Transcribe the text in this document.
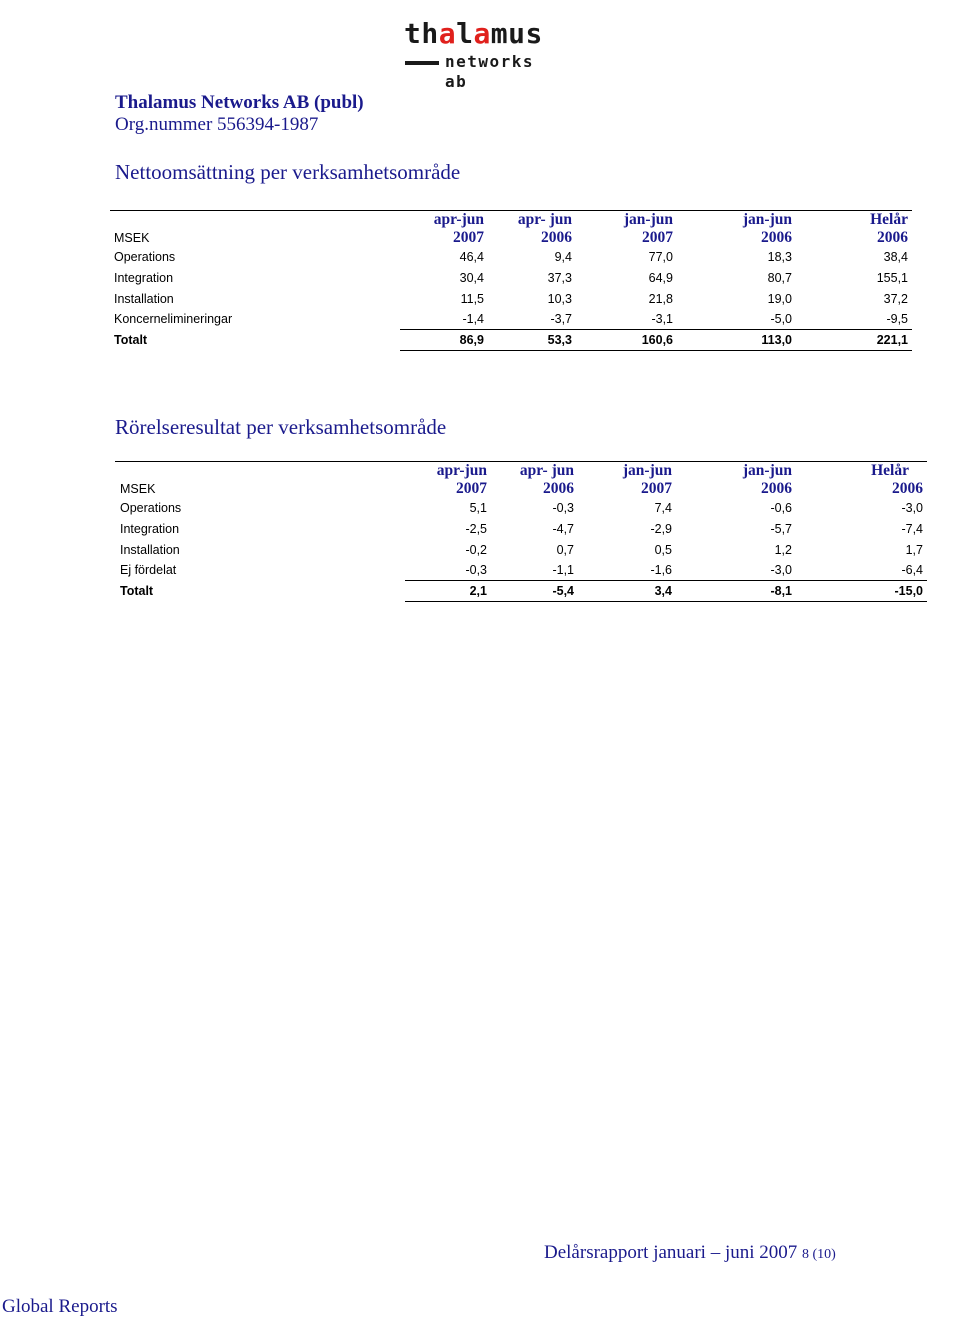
thalamus
networks ab
Thalamus Networks AB (publ)
Org.nummer 556394-1987
Nettoomsättning per verksamhetsområde
MSEK	apr-jun	apr- jun	jan-jun	jan-jun	Helår
	2007	2006	2007	2006	2006
Operations	46,4	9,4	77,0	18,3	38,4
Integration	30,4	37,3	64,9	80,7	155,1
Installation	11,5	10,3	21,8	19,0	37,2
Koncernelimineringar	-1,4	-3,7	-3,1	-5,0	-9,5
Totalt	86,9	53,3	160,6	113,0	221,1
Rörelseresultat per verksamhetsområde
MSEK	apr-jun	apr- jun	jan-jun	jan-jun	Helår
	2007	2006	2007	2006	2006
Operations	5,1	-0,3	7,4	-0,6	-3,0
Integration	-2,5	-4,7	-2,9	-5,7	-7,4
Installation	-0,2	0,7	0,5	1,2	1,7
Ej fördelat	-0,3	-1,1	-1,6	-3,0	-6,4
Totalt	2,1	-5,4	3,4	-8,1	-15,0
Delårsrapport januari – juni 2007 8 (10)
Global Reports
